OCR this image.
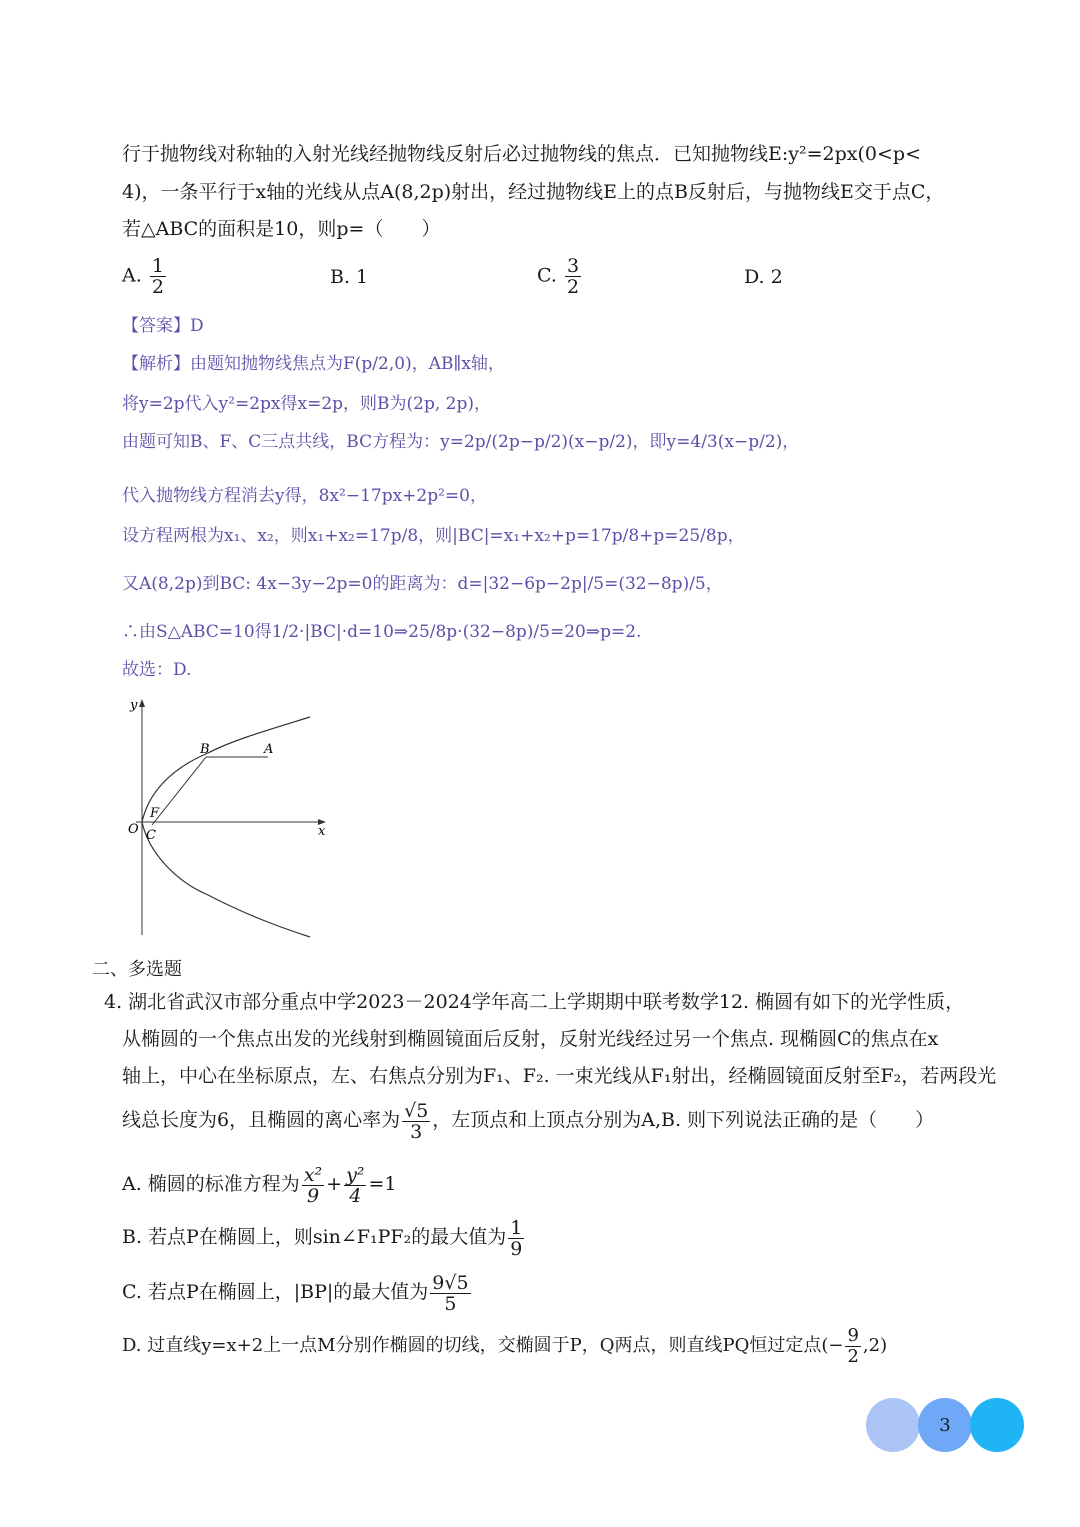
行于抛物线对称轴的入射光线经抛物线反射后必过抛物线的焦点．已知抛物线E:y²=2px(0<p<
4)，一条平行于x轴的光线从点A(8,2p)射出，经过抛物线E上的点B反射后，与抛物线E交于点C，
若△ABC的面积是10，则p=（　　）
A. $\frac{1}{2}$	B. 1	C. $\frac{3}{2}$	D. 2
【答案】D
【解析】由题知抛物线焦点为F(p/2,0)，AB∥x轴，
将y=2p代入y²=2px得x=2p，则B为(2p, 2p)，
由题可知B、F、C三点共线，BC方程为：y=2p/(2p−p/2)(x−p/2)，即y=4/3(x−p/2)，
代入抛物线方程消去y得，8x²−17px+2p²=0，
设方程两根为x₁、x₂，则x₁+x₂=17p/8，则|BC|=x₁+x₂+p=17p/8+p=25/8p，
又A(8,2p)到BC: 4x−3y−2p=0的距离为：d=|32−6p−2p|/5=(32−8p)/5，
∴由S△ABC=10得1/2·|BC|·d=10⇒25/8p·(32−8p)/5=20⇒p=2.
故选：D.
y
x
O
A
B
C
F
二、多选题
4. 湖北省武汉市部分重点中学2023－2024学年高二上学期期中联考数学12. 椭圆有如下的光学性质，
从椭圆的一个焦点出发的光线射到椭圆镜面后反射，反射光线经过另一个焦点. 现椭圆C的焦点在x
轴上，中心在坐标原点，左、右焦点分别为F₁、F₂. 一束光线从F₁射出，经椭圆镜面反射至F₂，若两段光
线总长度为6，且椭圆的离心率为 $\frac{√5}{3}$ ，左顶点和上顶点分别为A,B. 则下列说法正确的是（　　）
A. 椭圆的标准方程为 $\frac{\text{x²}}{9} + \frac{\text{y²}}{4} =1$
B. 若点P在椭圆上，则sin∠F₁PF₂的最大值为 $\frac{1}{9}$
C. 若点P在椭圆上，|BP|的最大值为 $\frac{9√5}{5}$
D. 过直线y=x+2上一点M分别作椭圆的切线，交椭圆于P，Q两点，则直线PQ恒过定点(− $\frac{9}{2} ,2$)
3
